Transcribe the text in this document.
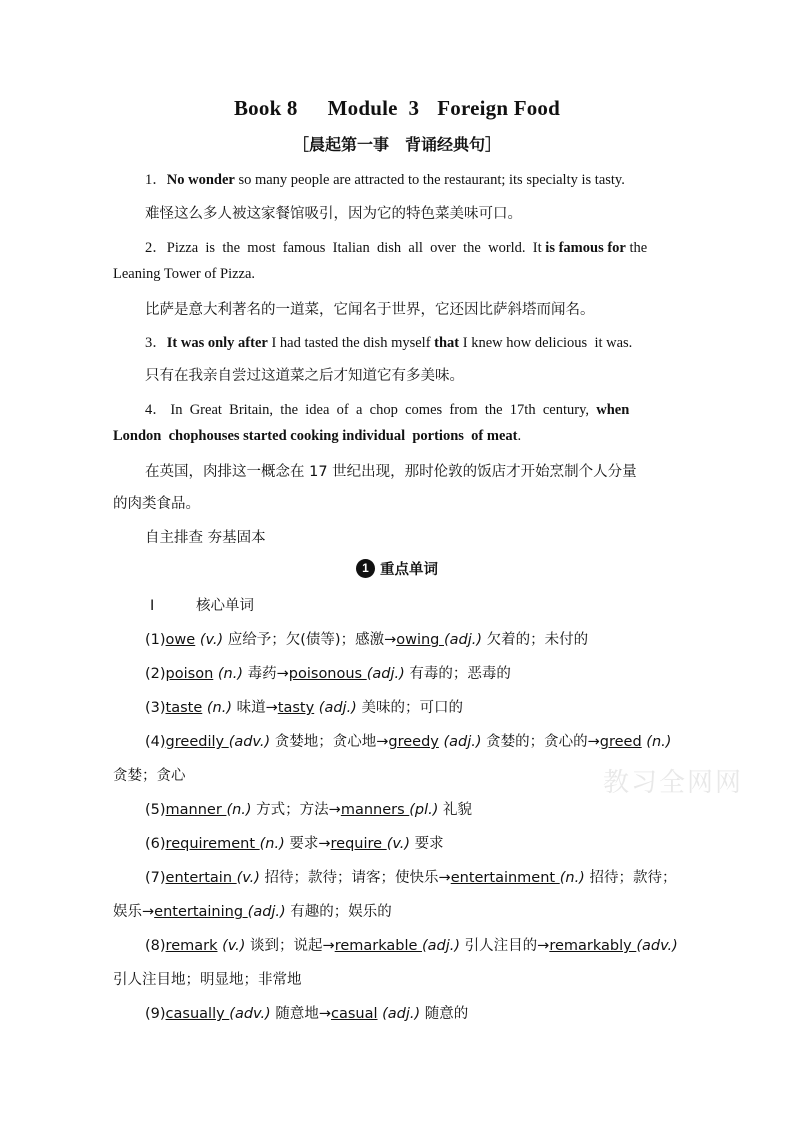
Book 8 Module  3 Foreign Food
［晨起第一事　背诵经典句］
1．No wonder so many people are attracted to the restaurant; its specialty is tasty.
难怪这么多人被这家餐馆吸引，因为它的特色菜美味可口。
2．Pizza  is  the  most  famous  Italian  dish  all  over  the  world.  It is famous for the
Leaning Tower of Pizza.
比萨是意大利著名的一道菜，它闻名于世界，它还因比萨斜塔而闻名。
3．It was only after I had tasted the dish myself that I knew how delicious  it was.
只有在我亲自尝过这道菜之后才知道它有多美味。
4． In  Great  Britain,  the  idea  of  a  chop  comes  from  the  17th  century,  when
London  chophouses started cooking individual  portions  of meat.
在英国，肉排这一概念在 17 世纪出现，那时伦敦的饭店才开始烹制个人分量
的肉类食品。
自主排查 夯基固本
1 重点单词
Ⅰ	核心单词
(1)owe (v.) 应给予；欠(债等)；感激→owing (adj.) 欠着的；未付的
(2)poison (n.) 毒药→poisonous (adj.) 有毒的；恶毒的
(3)taste (n.) 味道→tasty (adj.) 美味的；可口的
(4)greedily (adv.) 贪婪地；贪心地→greedy (adj.) 贪婪的；贪心的→greed (n.)
贪婪；贪心
(5)manner (n.) 方式；方法→manners (pl.) 礼貌
(6)requirement (n.) 要求→require (v.) 要求
(7)entertain (v.) 招待；款待；请客；使快乐→entertainment (n.) 招待；款待；
娱乐→entertaining (adj.) 有趣的；娱乐的
(8)remark (v.) 谈到；说起→remarkable (adj.) 引人注目的→remarkably (adv.)
引人注目地；明显地；非常地
(9)casually (adv.) 随意地→casual (adj.) 随意的
教习全网网
